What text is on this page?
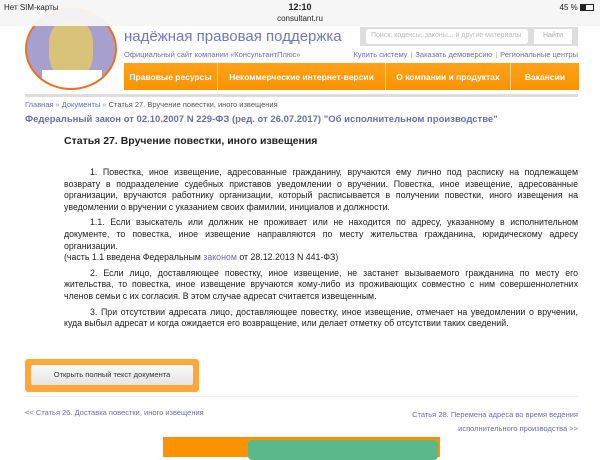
Нет SIM-карты	12:10
consultant.ru
45 %
надёжная правовая поддержка
Официальный сайт компании «КонсультантПлюс»
Поиск: кодексы, законы... и другие материалы	Найти
Купить систему | Заказать демоверсию | Региональные центры
Правовые ресурсы	Некоммерческие интернет-версии	О компании и продуктах	Вакансии
Главная » Документы » Статья 27. Вручение повестки, иного извещения
Федеральный закон от 02.10.2007 N 229-ФЗ (ред. от 26.07.2017) "Об исполнительном производстве"
Статья 27. Вручение повестки, иного извещения

1. Повестка, иное извещение, адресованные гражданину, вручаются ему лично под расписку на подлежащем возврату в подразделение судебных приставов уведомлении о вручении. Повестка, иное извещение, адресованные организации, вручаются работнику организации, который расписывается в получении повестки, иного извещения на уведомлении о вручении с указанием своих фамилии, инициалов и должности.

1.1. Если взыскатель или должник не проживает или не находится по адресу, указанному в исполнительном документе, то повестка, иное извещение направляются по месту жительства гражданина, юридическому адресу организации.

(часть 1.1 введена Федеральным законом от 28.12.2013 N 441-ФЗ)

2. Если лицо, доставляющее повестку, иное извещение, не застанет вызываемого гражданина по месту его жительства, то повестка, иное извещение вручаются кому-либо из проживающих совместно с ним совершеннолетних членов семьи с их согласия. В этом случае адресат считается извещенным.

3. При отсутствии адресата лицо, доставляющее повестку, иное извещение, отмечает на уведомлении о вручении, куда выбыл адресат и когда ожидается его возвращение, или делает отметку об отсутствии таких сведений.

Открыть полный текст документа
<< Статья 26. Доставка повестки, иного извещения	Статья 28. Перемена адреса во время ведения
исполнительного производства >>
